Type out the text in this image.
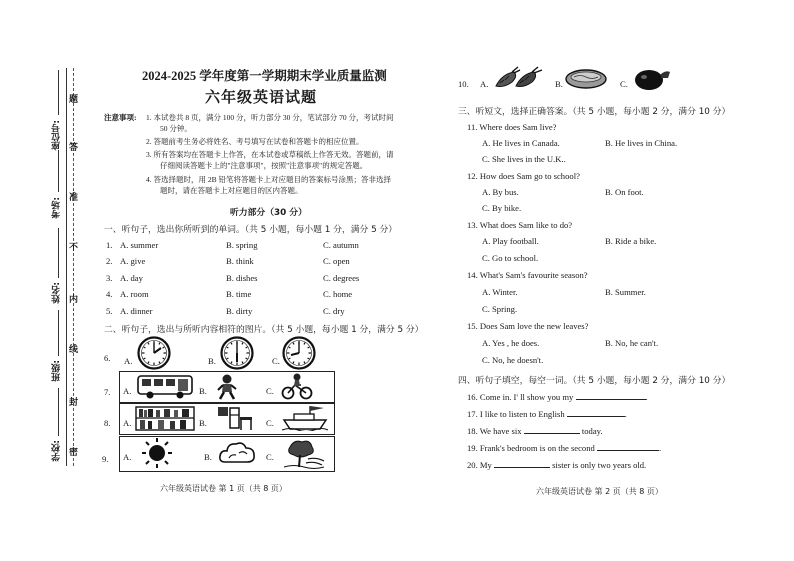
座位号:
考场:
姓名:
班级:
学校:
题
答
准
不
内
线
封
密
2024-2025 学年度第一学期期末学业质量监测
六年级英语试题
注意事项: 1. 本试卷共 8 页，满分 100 分，听力部分 30 分，笔试部分 70 分，考试时间
50 分钟。
2. 答题前考生务必将姓名、考号填写在试卷和答题卡的相应位置。
3. 所有答案均在答题卡上作答，在本试卷或草稿纸上作答无效。答题前，请
仔细阅读答题卡上的"注意事项"，按照"注意事项"的规定答题。
4. 答选择题时，用 2B 铅笔将答题卡上对应题目的答案标号涂黑；答非选择
题时，请在答题卡上对应题目的区内答题。
听力部分（30 分）
一、听句子，选出你所听到的单词。（共 5 小题，每小题 1 分，满分 5 分）
1. A. summer	B. spring	C. autumn
2. A. give	B. think	C. open
3. A. day	B. dishes	C. degrees
4. A. room	B. time	C. home
5. A. dinner	B. dirty	C. dry
二、听句子，选出与所听内容相符的图片。（共 5 小题，每小题 1 分，满分 5 分）
6. A.	B.	C.
7. A.	B.	C.
8. A.	B.	C.
9. A.	B.	C.
六年级英语试卷 第 1 页（共 8 页）
10. A.	B.	C.
三、听短文，选择正确答案。（共 5 小题，每小题 2 分，满分 10 分）
11. Where does Sam live?
A. He lives in Canada.	B. He lives in China.
C. She lives in the U.K..
12. How does Sam go to school?
A. By bus.	B. On foot.
C. By bike.
13. What does Sam like to do?
A. Play football.	B. Ride a bike.
C. Go to school.
14. What's Sam's favourite season?
A. Winter.	B. Summer.
C. Spring.
15. Does Sam love the new leaves?
A. Yes , he does.	B. No, he can't.
C. No, he doesn't.
四、听句子填空，每空一词。（共 5 小题，每小题 2 分，满分 10 分）
16. Come in. I' ll show you my	.
17. I like to listen to English	.
18. We have six	today.
19. Frank's bedroom is on the second	.
20. My	sister is only two years old.
六年级英语试卷 第 2 页（共 8 页）
